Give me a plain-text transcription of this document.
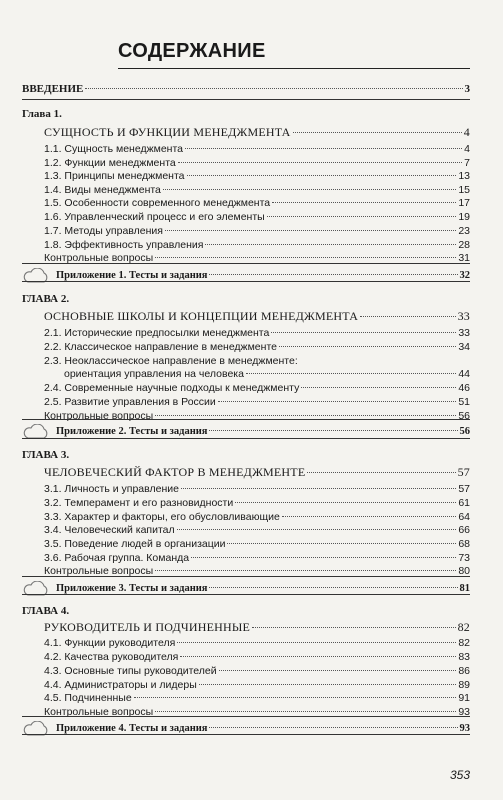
СОДЕРЖАНИЕ
ВВЕДЕНИЕ	3
Глава 1.
СУЩНОСТЬ И ФУНКЦИИ МЕНЕДЖМЕНТА	4
1.1. Сущность менеджмента	4
1.2. Функции менеджмента	7
1.3. Принципы менеджмента	13
1.4. Виды менеджмента	15
1.5. Особенности современного менеджмента	17
1.6. Управленческий процесс и его элементы	19
1.7. Методы управления	23
1.8. Эффективность управления	28
Контрольные вопросы	31
Приложение 1. Тесты и задания	32
ГЛАВА 2.
ОСНОВНЫЕ ШКОЛЫ И КОНЦЕПЦИИ МЕНЕДЖМЕНТА	33
2.1. Исторические предпосылки менеджмента	33
2.2. Классическое направление в менеджменте	34
2.3. Неоклассическое направление в менеджменте:
ориентация управления на человека	44
2.4. Современные научные подходы к менеджменту	46
2.5. Развитие управления в России	51
Контрольные вопросы	56
Приложение 2. Тесты и задания	56
ГЛАВА 3.
ЧЕЛОВЕЧЕСКИЙ ФАКТОР В МЕНЕДЖМЕНТЕ	57
3.1. Личность и управление	57
3.2. Темперамент и его разновидности	61
3.3. Характер и факторы, его обусловливающие	64
3.4. Человеческий капитал	66
3.5. Поведение людей в организации	68
3.6. Рабочая группа. Команда	73
Контрольные вопросы	80
Приложение 3. Тесты и задания	81
ГЛАВА 4.
РУКОВОДИТЕЛЬ И ПОДЧИНЕННЫЕ	82
4.1. Функции руководителя	82
4.2. Качества руководителя	83
4.3. Основные типы руководителей	86
4.4. Администраторы и лидеры	89
4.5. Подчиненные	91
Контрольные вопросы	93
Приложение 4. Тесты и задания	93
353
